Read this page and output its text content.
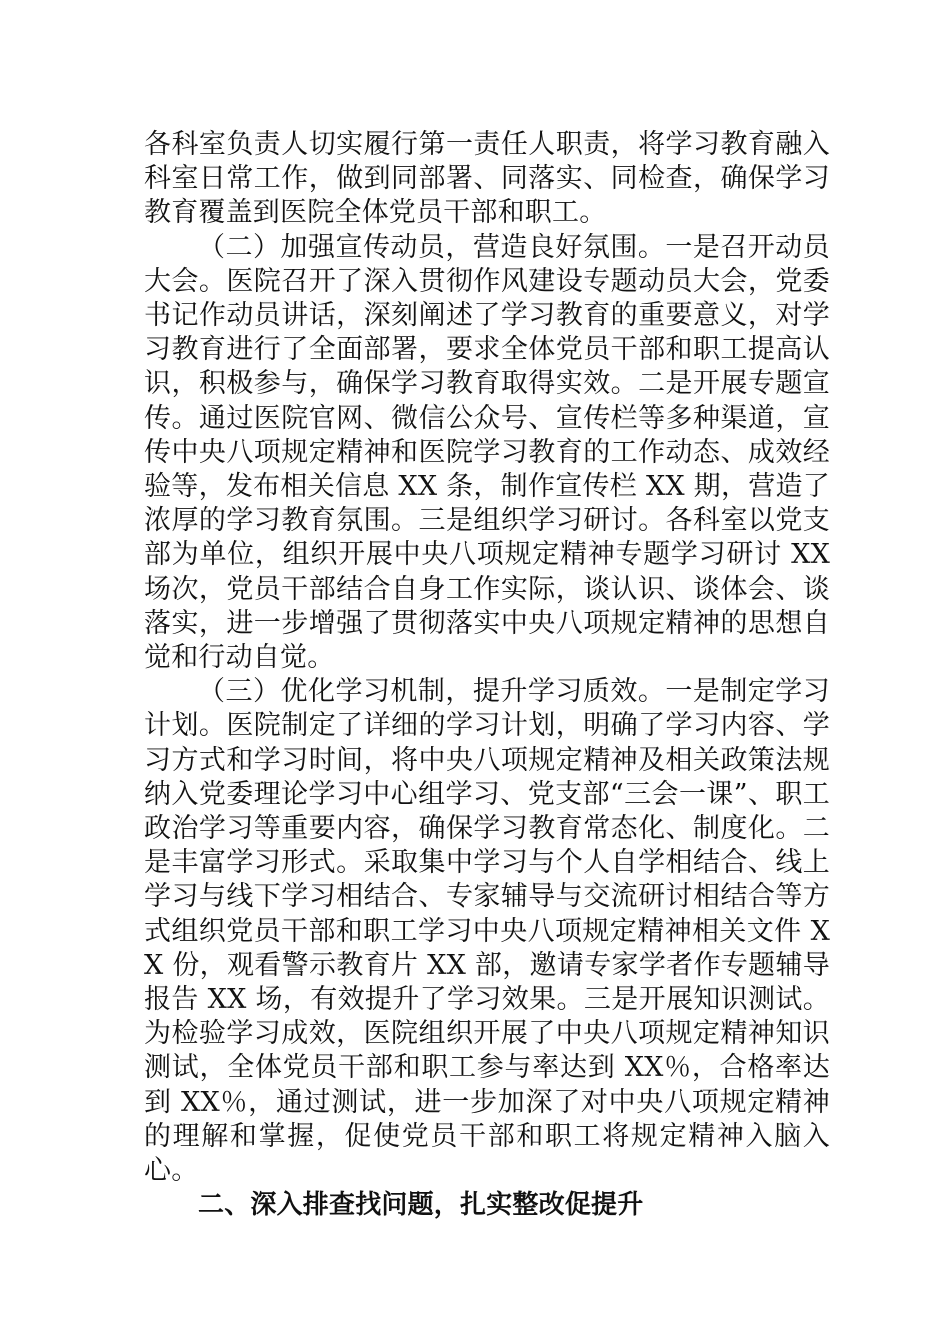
各科室负责人切实履行第一责任人职责，将学习教育融入科室日常工作，做到同部署、同落实、同检查，确保学习教育覆盖到医院全体党员干部和职工。

（二）加强宣传动员，营造良好氛围。一是召开动员大会。医院召开了深入贯彻作风建设专题动员大会，党委书记作动员讲话，深刻阐述了学习教育的重要意义，对学习教育进行了全面部署，要求全体党员干部和职工提高认识，积极参与，确保学习教育取得实效。二是开展专题宣传。通过医院官网、微信公众号、宣传栏等多种渠道，宣传中央八项规定精神和医院学习教育的工作动态、成效经验等，发布相关信息 XX 条，制作宣传栏 XX 期，营造了浓厚的学习教育氛围。三是组织学习研讨。各科室以党支部为单位，组织开展中央八项规定精神专题学习研讨 XX 场次，党员干部结合自身工作实际，谈认识、谈体会、谈落实，进一步增强了贯彻落实中央八项规定精神的思想自觉和行动自觉。

（三）优化学习机制，提升学习质效。一是制定学习计划。医院制定了详细的学习计划，明确了学习内容、学习方式和学习时间，将中央八项规定精神及相关政策法规纳入党委理论学习中心组学习、党支部“三会一课”、职工政治学习等重要内容，确保学习教育常态化、制度化。二是丰富学习形式。采取集中学习与个人自学相结合、线上学习与线下学习相结合、专家辅导与交流研讨相结合等方式组织党员干部和职工学习中央八项规定精神相关文件 XX 份，观看警示教育片 XX 部，邀请专家学者作专题辅导报告 XX 场，有效提升了学习效果。三是开展知识测试。为检验学习成效，医院组织开展了中央八项规定精神知识测试，全体党员干部和职工参与率达到 XX％，合格率达到 XX％，通过测试，进一步加深了对中央八项规定精神的理解和掌握，促使党员干部和职工将规定精神入脑入心。

二、深入排查找问题，扎实整改促提升
